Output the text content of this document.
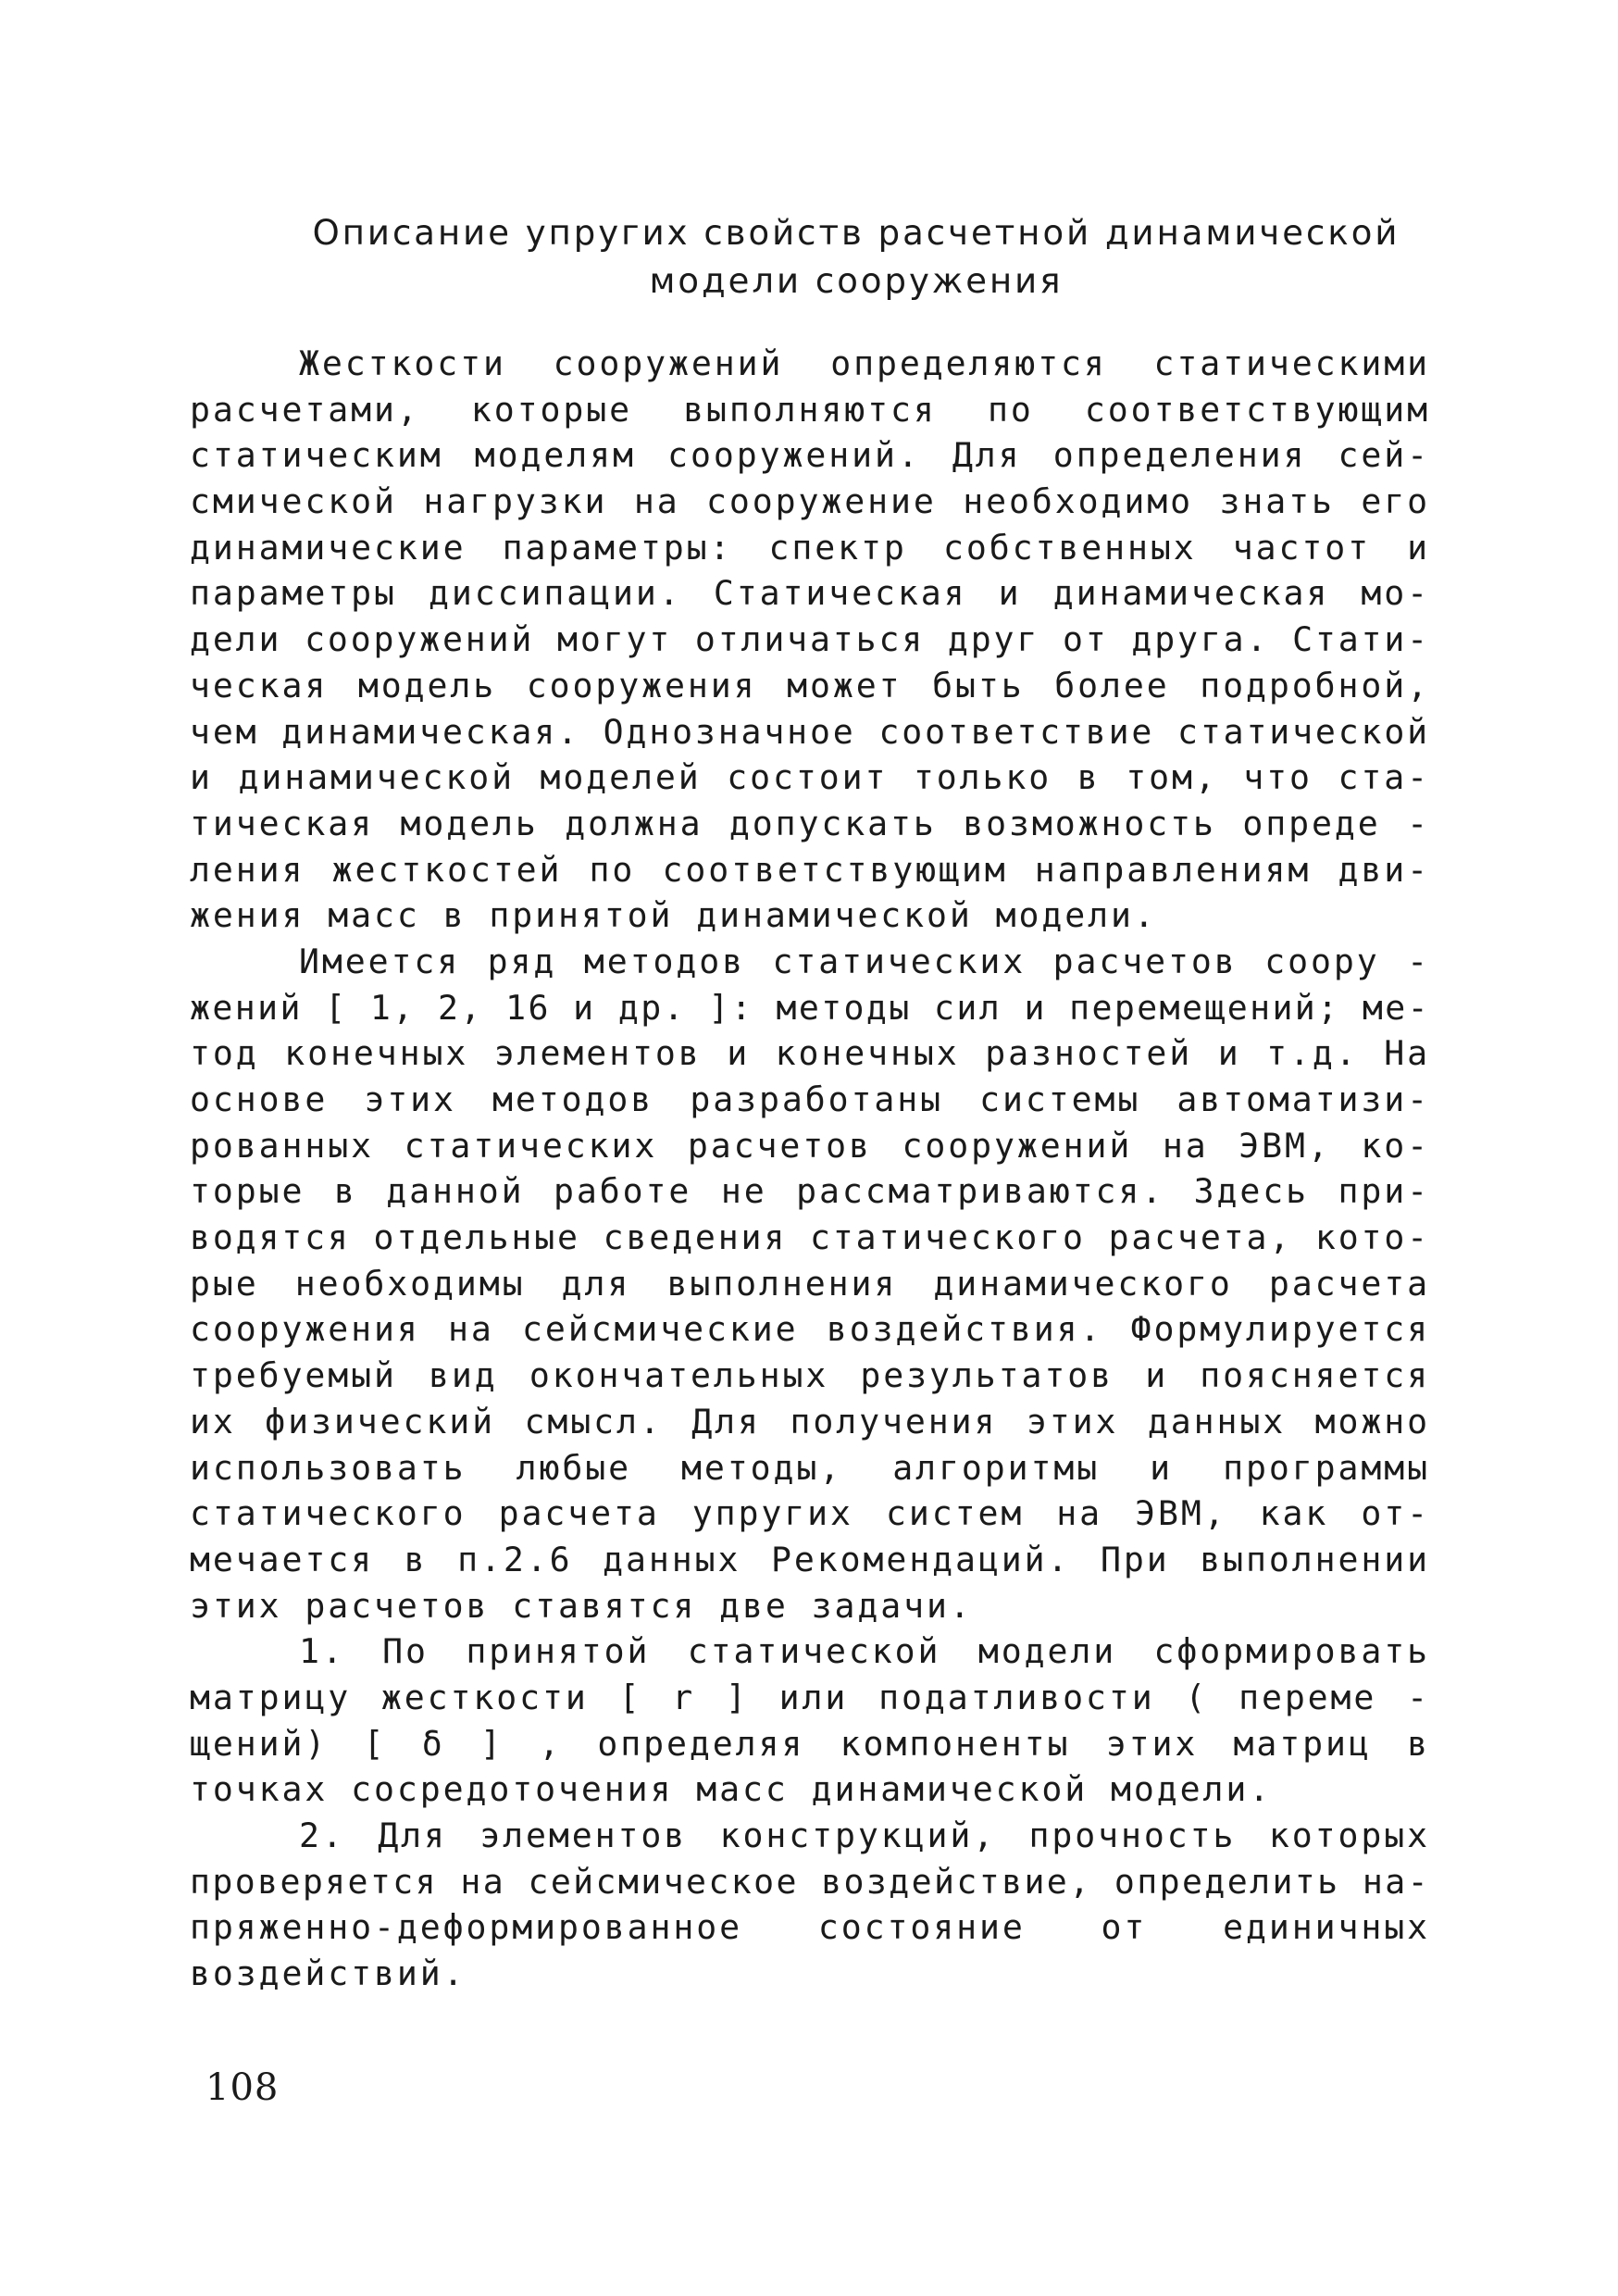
Описание упругих свойств расчетной динамической
модели сооружения
Жесткости сооружений определяются статическими
расчетами, которые выполняются по соответствующим
статическим моделям сооружений. Для определения сей-
смической нагрузки на сооружение необходимо знать его
динамические параметры: спектр собственных частот и
параметры диссипации. Статическая и динамическая мо-
дели сооружений могут отличаться друг от друга. Стати-
ческая модель сооружения может быть более подробной,
чем динамическая. Однозначное соответствие статической
и динамической моделей состоит только в том, что ста-
тическая модель должна допускать возможность опреде -
ления жесткостей по соответствующим направлениям дви-
жения масс в принятой динамической модели.
Имеется ряд методов статических расчетов соору -
жений [ 1, 2, 16 и др. ]: методы сил и перемещений; ме-
тод конечных элементов и конечных разностей и т.д. На
основе этих методов разработаны системы автоматизи-
рованных статических расчетов сооружений на ЭВМ, ко-
торые в данной работе не рассматриваются. Здесь при-
водятся отдельные сведения статического расчета, кото-
рые необходимы для выполнения динамического расчета
сооружения на сейсмические воздействия. Формулируется
требуемый вид окончательных результатов и поясняется
их физический смысл. Для получения этих данных можно
использовать любые методы, алгоритмы и программы
статического расчета упругих систем на ЭВМ, как от-
мечается в п.2.6 данных Рекомендаций. При выполнении
этих расчетов ставятся две задачи.
1. По принятой статической модели сформировать
матрицу жесткости [ r ] или податливости ( переме -
щений) [ δ ] , определяя компоненты этих матриц в
точках сосредоточения масс динамической модели.
2. Для элементов конструкций, прочность которых
проверяется на сейсмическое воздействие, определить на-
пряженно-деформированное состояние от единичных
воздействий.
108
